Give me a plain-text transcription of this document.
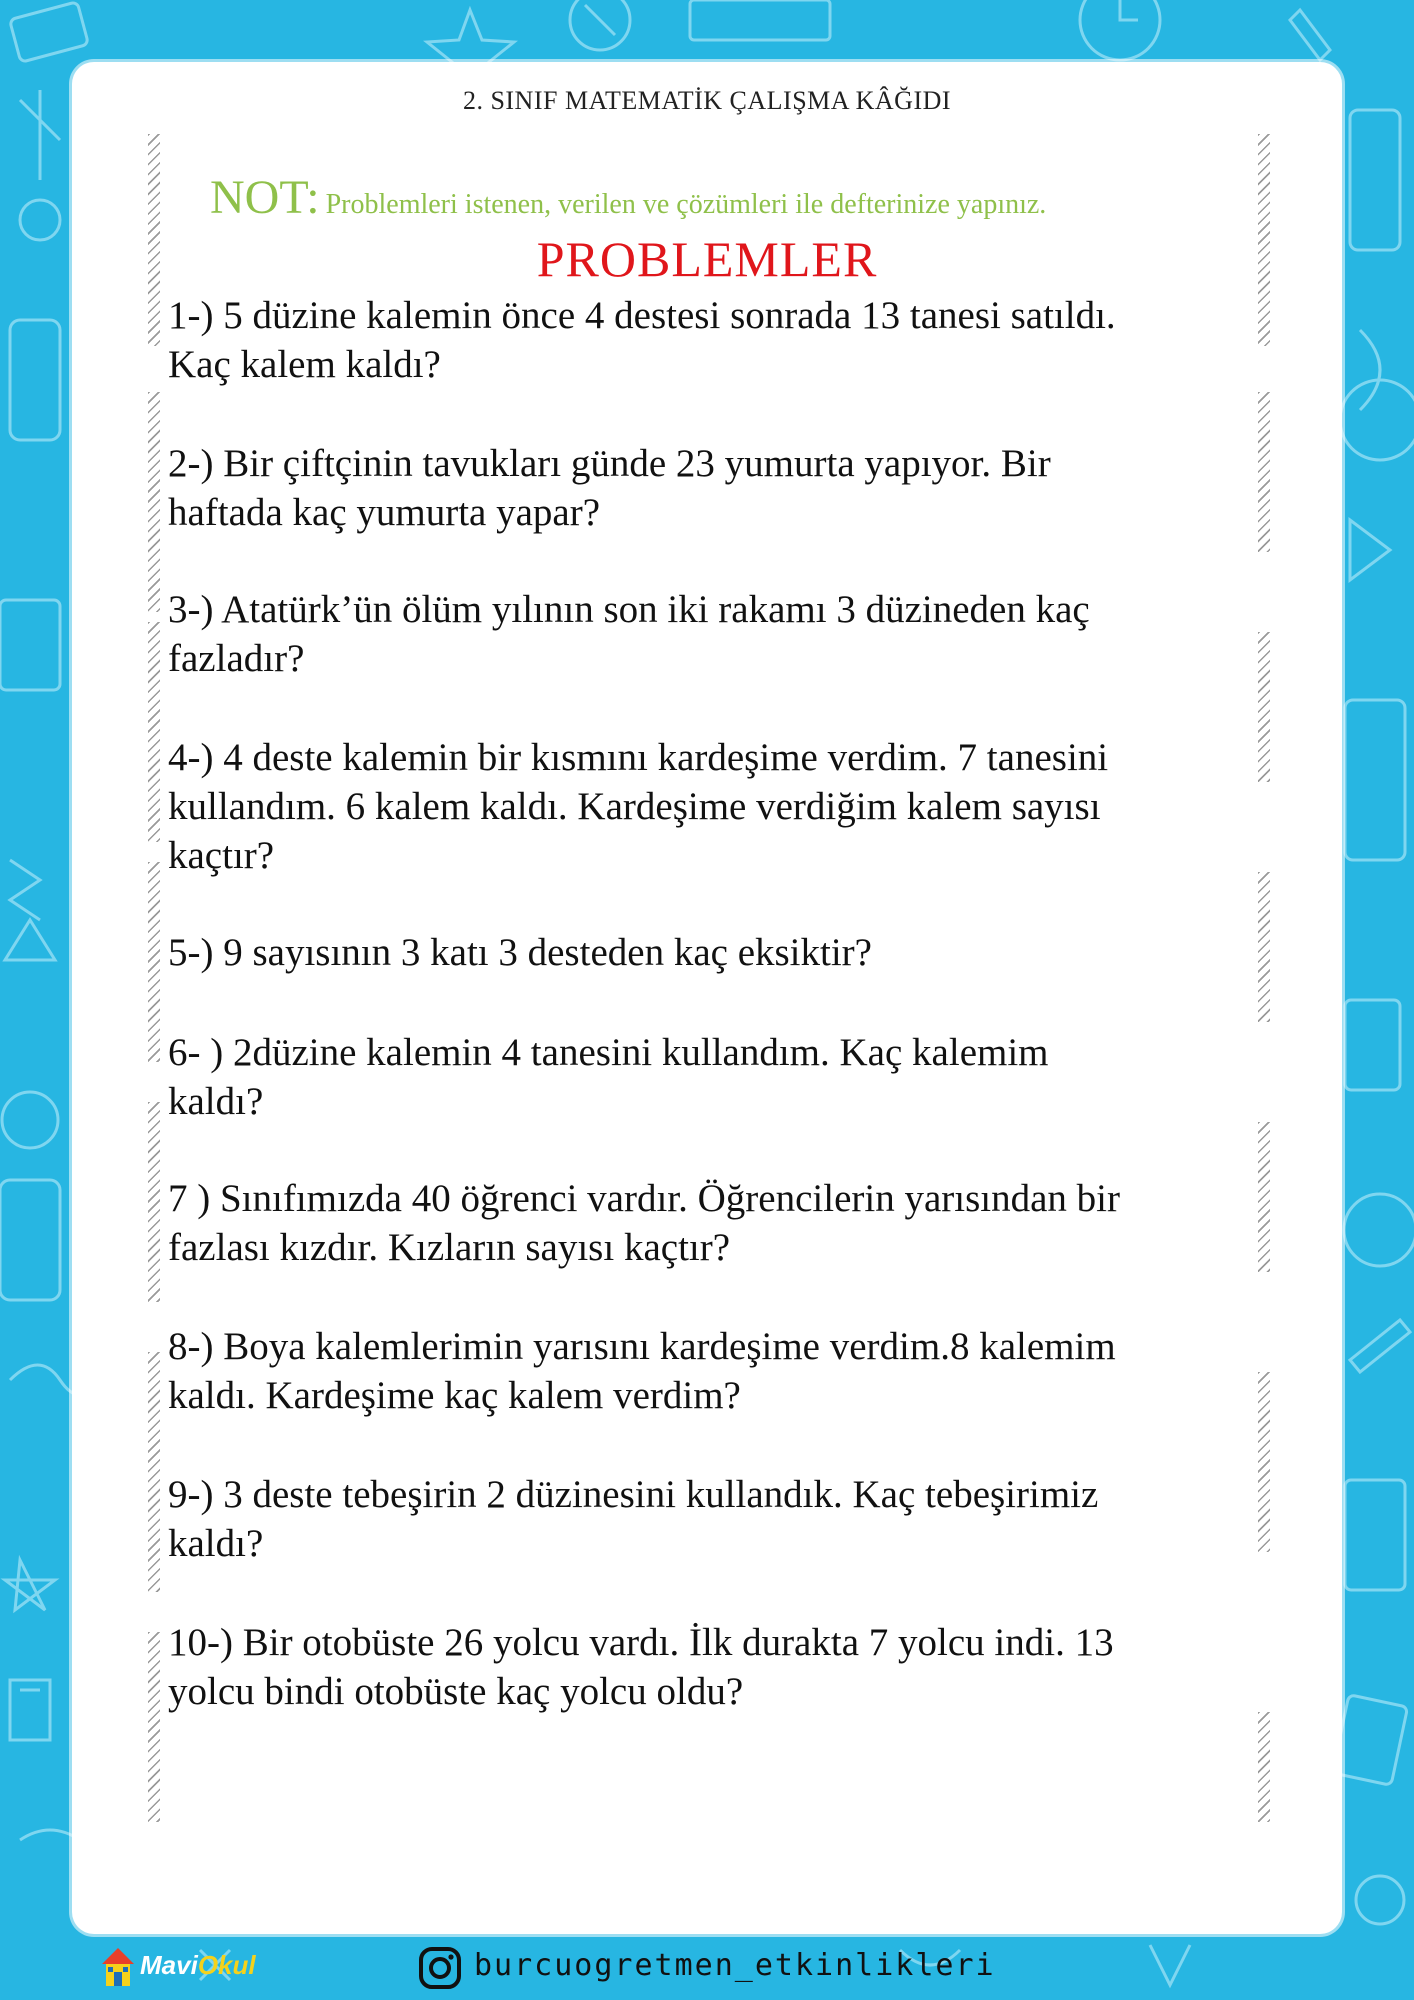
2. SINIF MATEMATİK ÇALIŞMA KÂĞIDI
NOT: Problemleri istenen, verilen ve çözümleri ile defterinize yapınız.
PROBLEMLER
1-) 5 düzine kalemin önce 4 destesi sonrada 13 tanesi satıldı.
Kaç kalem kaldı?
2-) Bir çiftçinin tavukları günde 23 yumurta yapıyor. Bir
haftada kaç yumurta yapar?
3-) Atatürk’ün ölüm yılının son iki rakamı 3 düzineden kaç
fazladır?
4-) 4 deste kalemin bir kısmını kardeşime verdim. 7 tanesini
kullandım. 6 kalem kaldı. Kardeşime verdiğim kalem sayısı
kaçtır?
5-) 9 sayısının 3 katı 3 desteden kaç eksiktir?
6- ) 2düzine kalemin 4 tanesini kullandım. Kaç kalemim
kaldı?
7 ) Sınıfımızda 40 öğrenci vardır. Öğrencilerin yarısından bir
fazlası kızdır. Kızların sayısı kaçtır?
8-) Boya kalemlerimin yarısını kardeşime verdim.8 kalemim
kaldı. Kardeşime kaç kalem verdim?
9-) 3 deste tebeşirin 2 düzinesini kullandık. Kaç tebeşirimiz
kaldı?
10-) Bir otobüste 26 yolcu vardı. İlk durakta 7 yolcu indi. 13
yolcu bindi otobüste kaç yolcu oldu?
MaviOkul	burcuogretmen_etkinlikleri
